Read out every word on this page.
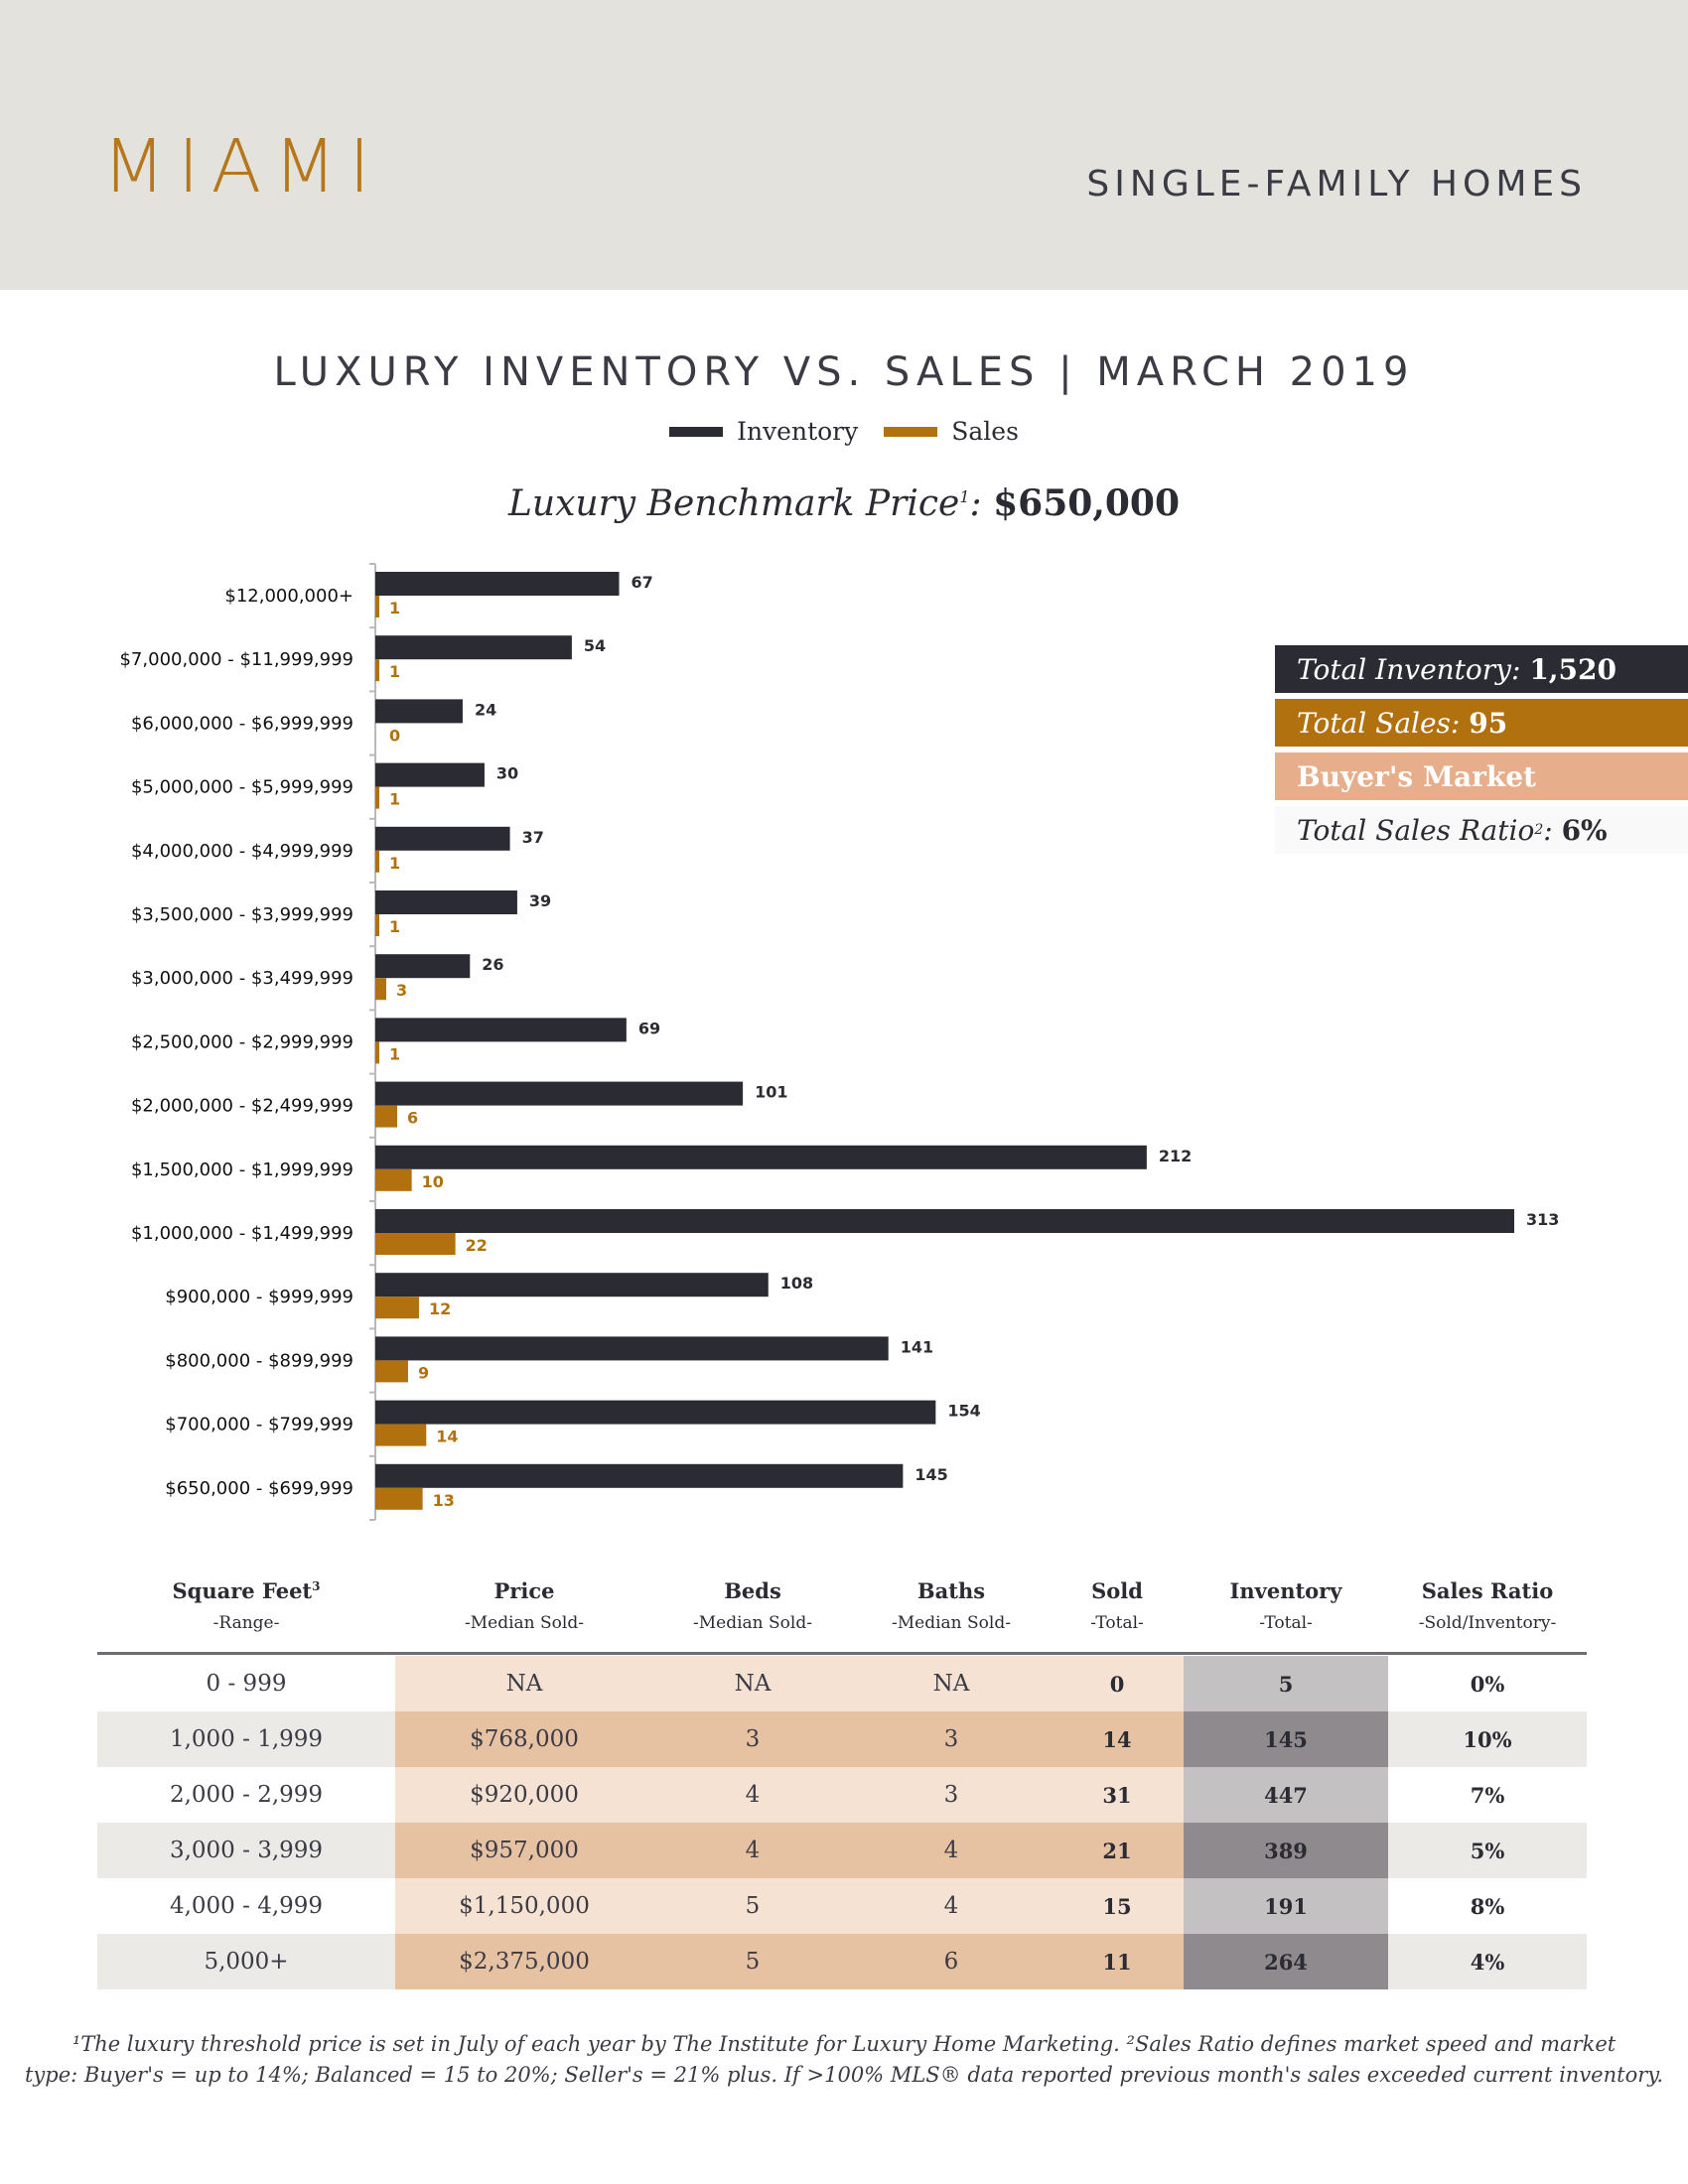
MIAMI	SINGLE-FAMILY HOMES
LUXURY INVENTORY VS. SALES | MARCH 2019
Inventory	Sales
Luxury Benchmark Price$^1$: $650,000
$12,000,000+
67
1
$7,000,000 - $11,999,999
54
1
$6,000,000 - $6,999,999
24
0
$5,000,000 - $5,999,999
30
1
$4,000,000 - $4,999,999
37
1
$3,500,000 - $3,999,999
39
1
$3,000,000 - $3,499,999
26
3
$2,500,000 - $2,999,999
69
1
$2,000,000 - $2,499,999
101
6
$1,500,000 - $1,999,999
212
10
$1,000,000 - $1,499,999
313
22
$900,000 - $999,999
108
12
$800,000 - $899,999
141
9
$700,000 - $799,999
154
14
$650,000 - $699,999
145
13
Total Inventory:
1,520
Total Sales:
95
Buyer's Market
Total Sales Ratio 2 :
6%
Square Feet$^3$
-Range-
Price
-Median Sold-
Beds
-Median Sold-
Baths
-Median Sold-
Sold
-Total-
Inventory
-Total-
Sales Ratio
-Sold/Inventory-
0 - 999	NA	NA	NA	0	5	0%
1,000 - 1,999	$768,000	3	3	14	145	10%
2,000 - 2,999	$920,000	4	3	31	447	7%
3,000 - 3,999	$957,000	4	4	21	389	5%
4,000 - 4,999	$1,150,000	5	4	15	191	8%
5,000+	$2,375,000	5	6	11	264	4%
¹The luxury threshold price is set in July of each year by The Institute for Luxury Home Marketing. ²Sales Ratio defines market speed and market
type: Buyer's = up to 14%; Balanced = 15 to 20%; Seller's = 21% plus. If >100% MLS® data reported previous month's sales exceeded current inventory.
